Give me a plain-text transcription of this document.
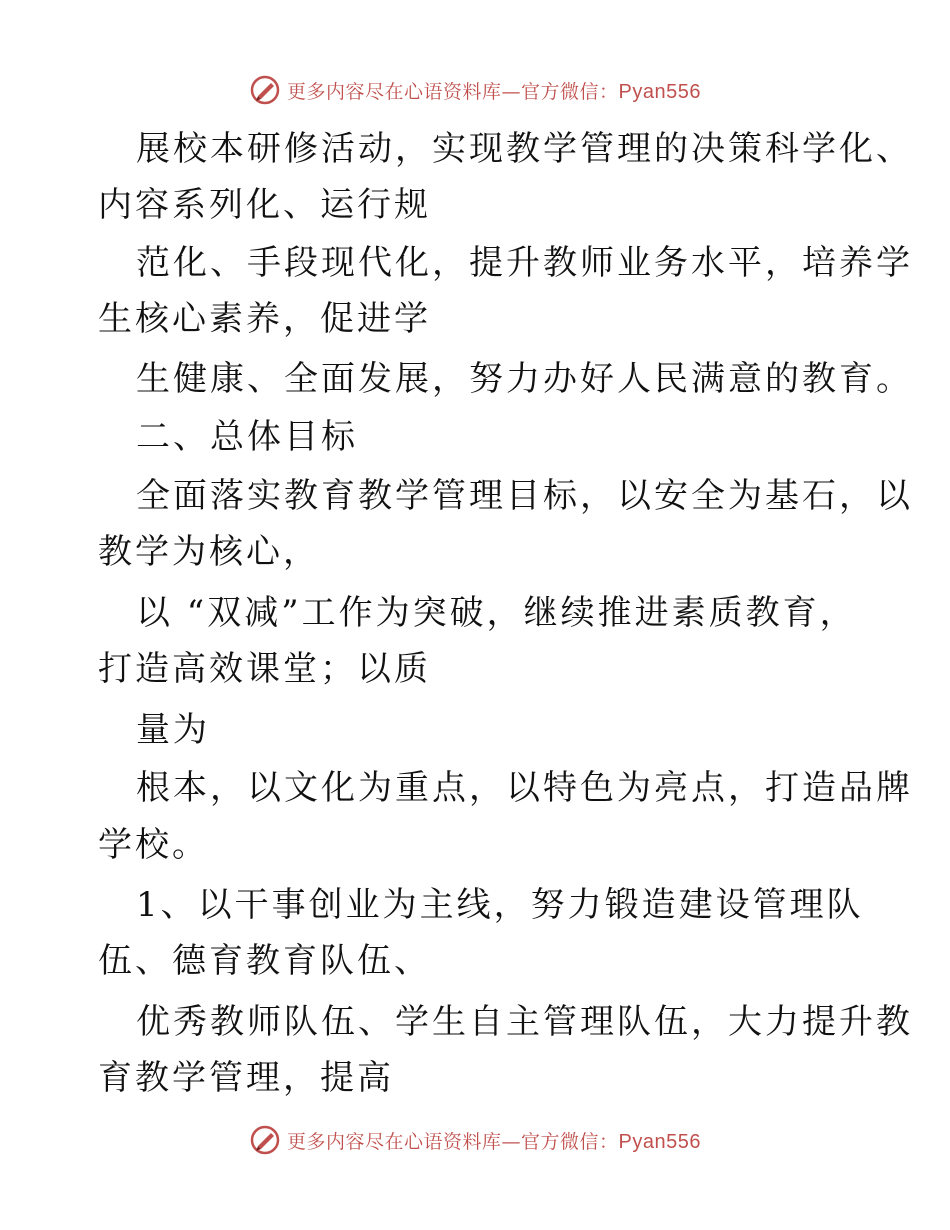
更多内容尽在心语资料库—官方微信：Pyan556
展校本研修活动，实现教学管理的决策科学化、
内容系列化、运行规
范化、手段现代化，提升教师业务水平，培养学
生核心素养，促进学
生健康、全面发展，努力办好人民满意的教育。
二、总体目标
全面落实教育教学管理目标，以安全为基石，以
教学为核心，
以 “双减”工作为突破，继续推进素质教育，
打造高效课堂；以质
量为
根本，以文化为重点，以特色为亮点，打造品牌
学校。
1、以干事创业为主线，努力锻造建设管理队
伍、德育教育队伍、
优秀教师队伍、学生自主管理队伍，大力提升教
育教学管理，提高
更多内容尽在心语资料库—官方微信：Pyan556
